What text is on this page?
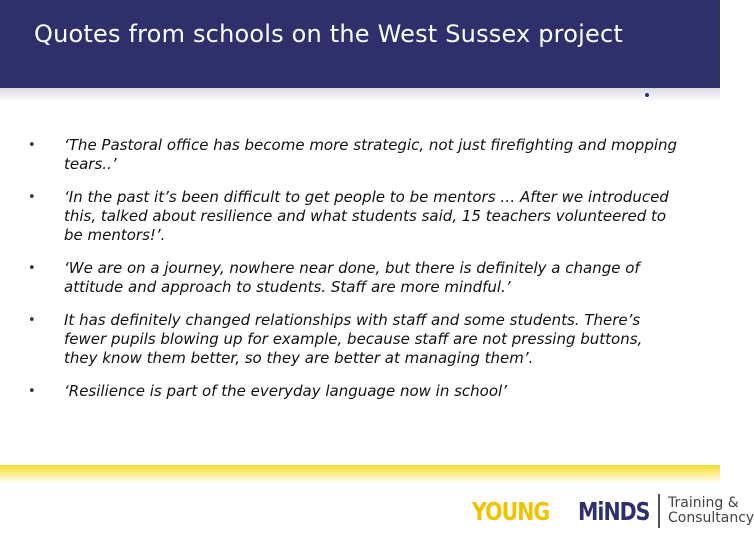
Quotes from schools on the West Sussex project
• ‘The Pastoral office has become more strategic, not just firefighting and mopping tears..’
• ‘In the past it’s been difficult to get people to be mentors … After we introduced this, talked about resilience and what students said, 15 teachers volunteered to be mentors!’.
• ‘We are on a journey, nowhere near done, but there is definitely a change of attitude and approach to students. Staff are more mindful.’
• It has definitely changed relationships with staff and some students. There’s fewer pupils blowing up for example, because staff are not pressing buttons, they know them better, so they are better at managing them’.
• ‘Resilience is part of the everyday language now in school’
YOUNG	MiNDS Training &
Consultancy
